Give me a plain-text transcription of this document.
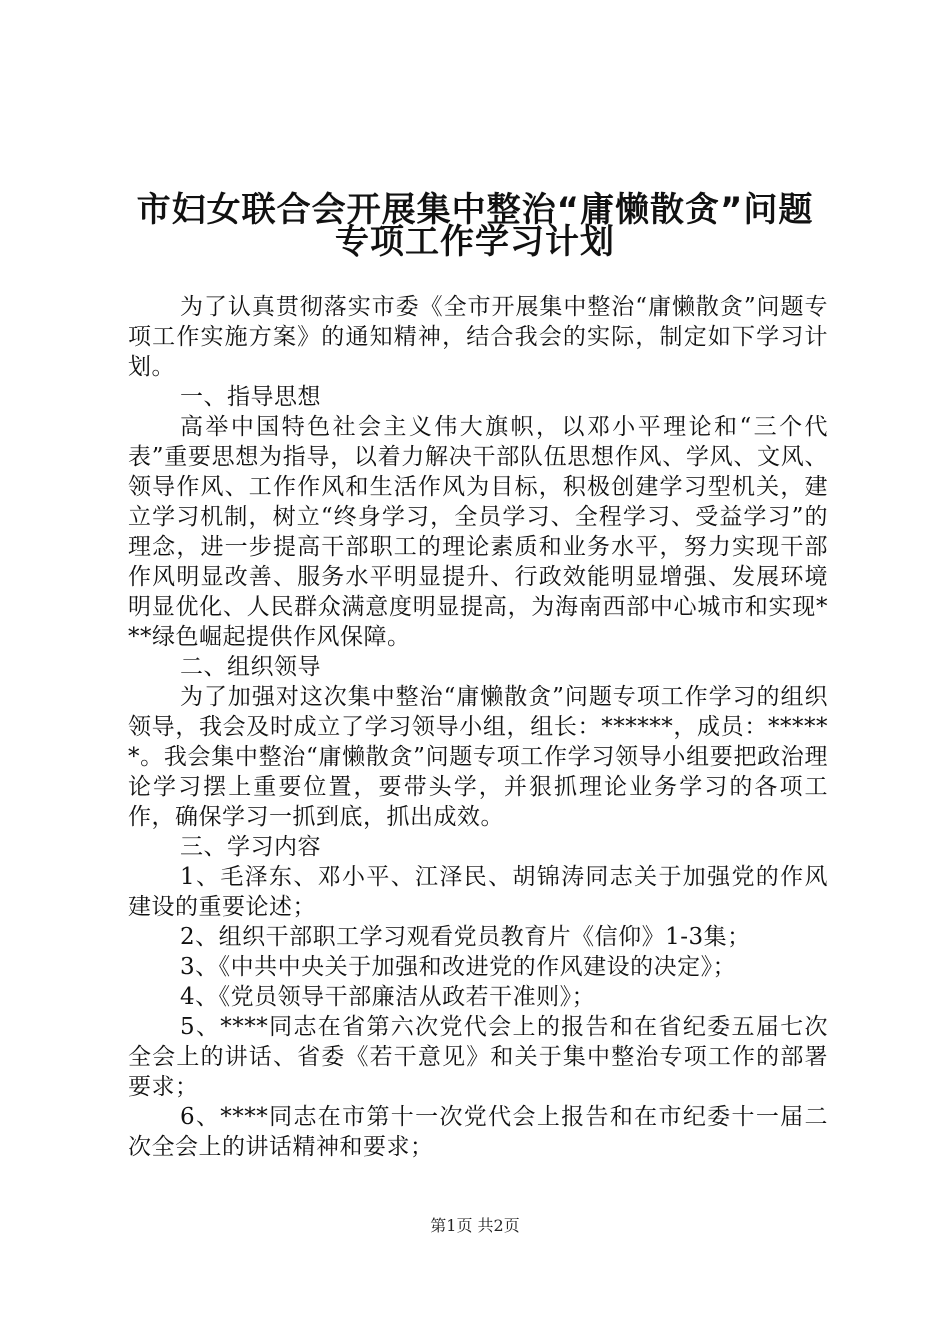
市妇女联合会开展集中整治“庸懒散贪”问题
专项工作学习计划

为了认真贯彻落实市委《全市开展集中整治“庸懒散贪”问题专项工作实施方案》的通知精神，结合我会的实际，制定如下学习计划。

一、指导思想

高举中国特色社会主义伟大旗帜，以邓小平理论和“三个代表”重要思想为指导，以着力解决干部队伍思想作风、学风、文风、领导作风、工作作风和生活作风为目标，积极创建学习型机关，建立学习机制，树立“终身学习，全员学习、全程学习、受益学习”的理念，进一步提高干部职工的理论素质和业务水平，努力实现干部作风明显改善、服务水平明显提升、行政效能明显增强、发展环境明显优化、人民群众满意度明显提高，为海南西部中心城市和实现***绿色崛起提供作风保障。

二、组织领导

为了加强对这次集中整治“庸懒散贪”问题专项工作学习的组织领导，我会及时成立了学习领导小组，组长：******，成员：******。我会集中整治“庸懒散贪”问题专项工作学习领导小组要把政治理论学习摆上重要位置，要带头学，并狠抓理论业务学习的各项工作，确保学习一抓到底，抓出成效。

三、学习内容

1、毛泽东、邓小平、江泽民、胡锦涛同志关于加强党的作风建设的重要论述；

2、组织干部职工学习观看党员教育片《信仰》1-3集；

3、《中共中央关于加强和改进党的作风建设的决定》；

4、《党员领导干部廉洁从政若干准则》；

5、****同志在省第六次党代会上的报告和在省纪委五届七次全会上的讲话、省委《若干意见》和关于集中整治专项工作的部署要求；

6、****同志在市第十一次党代会上报告和在市纪委十一届二次全会上的讲话精神和要求；

第1页 共2页
